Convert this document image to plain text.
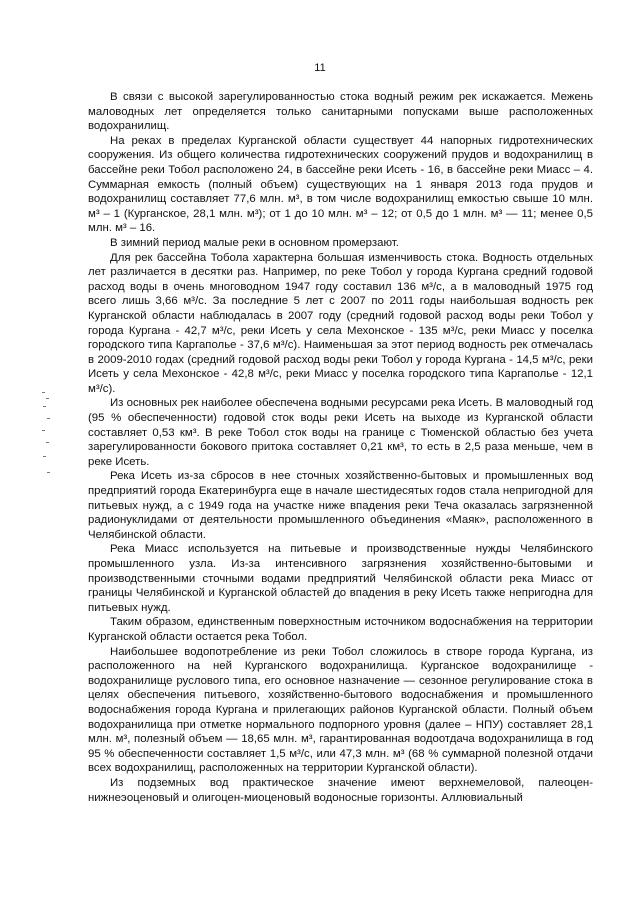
11

В связи с высокой зарегулированностью стока водный режим рек искажается. Межень маловодных лет определяется только санитарными попусками выше расположенных водохранилищ.

На реках в пределах Курганской области существует 44 напорных гидротехнических сооружения. Из общего количества гидротехнических сооружений прудов и водохранилищ в бассейне реки Тобол расположено 24, в бассейне реки Исеть - 16, в бассейне реки Миасс – 4. Суммарная емкость (полный объем) существующих на 1 января 2013 года прудов и водохранилищ составляет 77,6 млн. м³, в том числе водохранилищ емкостью свыше 10 млн. м³ – 1 (Курганское, 28,1 млн. м³); от 1 до 10 млн. м³ – 12; от 0,5 до 1 млн. м³ — 11; менее 0,5 млн. м³ – 16.

В зимний период малые реки в основном промерзают.

Для рек бассейна Тобола характерна большая изменчивость стока. Водность отдельных лет различается в десятки раз. Например, по реке Тобол у города Кургана средний годовой расход воды в очень многоводном 1947 году составил 136 м³/с, а в маловодный 1975 год всего лишь 3,66 м³/с. За последние 5 лет с 2007 по 2011 годы наибольшая водность рек Курганской области наблюдалась в 2007 году (средний годовой расход воды реки Тобол у города Кургана - 42,7 м³/с, реки Исеть у села Мехонское - 135 м³/с, реки Миасс у поселка городского типа Каргаполье - 37,6 м³/с). Наименьшая за этот период водность рек отмечалась в 2009-2010 годах (средний годовой расход воды реки Тобол у города Кургана - 14,5 м³/с, реки Исеть у села Мехонское - 42,8 м³/с, реки Миасс у поселка городского типа Каргаполье - 12,1 м³/с).

Из основных рек наиболее обеспечена водными ресурсами река Исеть. В маловодный год (95 % обеспеченности) годовой сток воды реки Исеть на выходе из Курганской области составляет 0,53 км³. В реке Тобол сток воды на границе с Тюменской областью без учета зарегулированности бокового притока составляет 0,21 км³, то есть в 2,5 раза меньше, чем в реке Исеть.

Река Исеть из-за сбросов в нее сточных хозяйственно-бытовых и промышленных вод предприятий города Екатеринбурга еще в начале шестидесятых годов стала непригодной для питьевых нужд, а с 1949 года на участке ниже впадения реки Теча оказалась загрязненной радионуклидами от деятельности промышленного объединения «Маяк», расположенного в Челябинской области.

Река Миасс используется на питьевые и производственные нужды Челябинского промышленного узла. Из-за интенсивного загрязнения хозяйственно-бытовыми и производственными сточными водами предприятий Челябинской области река Миасс от границы Челябинской и Курганской областей до впадения в реку Исеть также непригодна для питьевых нужд.

Таким образом, единственным поверхностным источником водоснабжения на территории Курганской области остается река Тобол.

Наибольшее водопотребление из реки Тобол сложилось в створе города Кургана, из расположенного на ней Курганского водохранилища. Курганское водохранилище - водохранилище руслового типа, его основное назначение — сезонное регулирование стока в целях обеспечения питьевого, хозяйственно-бытового водоснабжения и промышленного водоснабжения города Кургана и прилегающих районов Курганской области. Полный объем водохранилища при отметке нормального подпорного уровня (далее – НПУ) составляет 28,1 млн. м³, полезный объем — 18,65 млн. м³, гарантированная водоотдача водохранилища в год 95 % обеспеченности составляет 1,5 м³/с, или 47,3 млн. м³ (68 % суммарной полезной отдачи всех водохранилищ, расположенных на территории Курганской области).

Из подземных вод практическое значение имеют верхнемеловой, палеоцен-нижнеэоценовый и олигоцен-миоценовый водоносные горизонты. Аллювиальный
